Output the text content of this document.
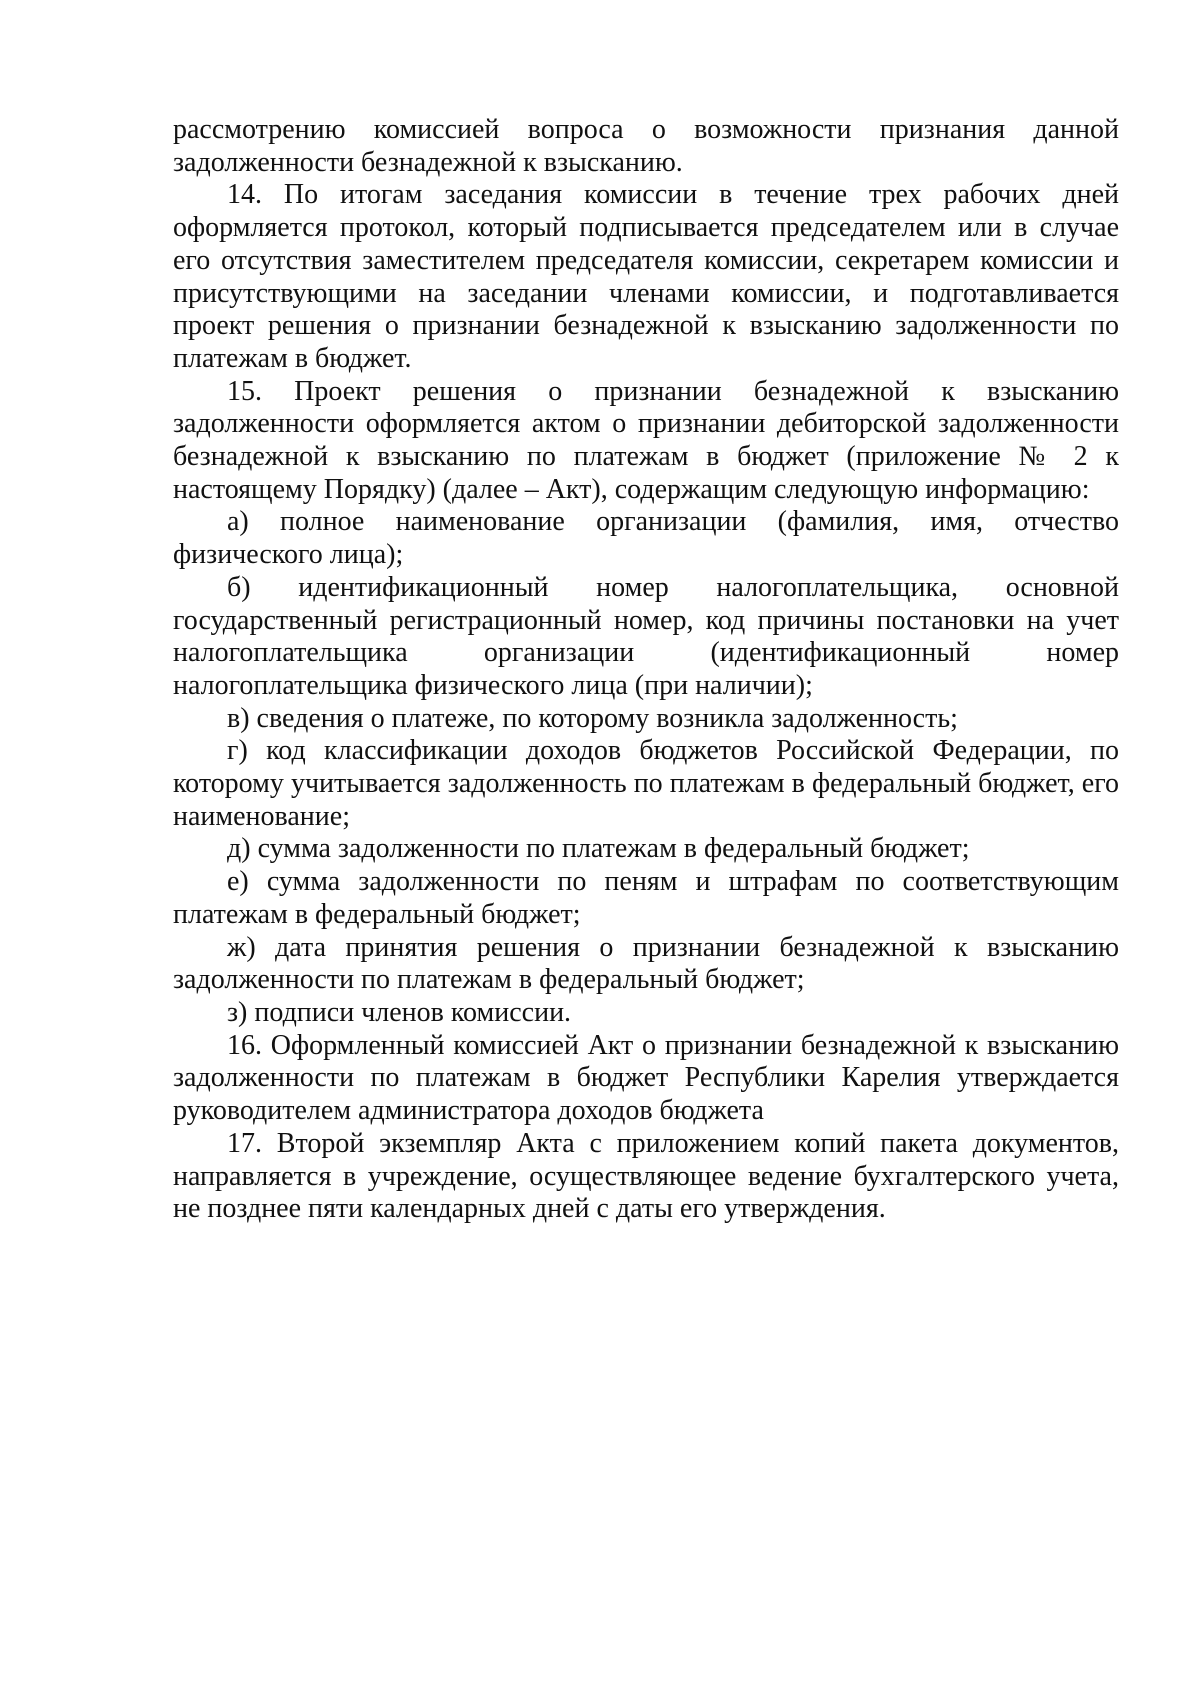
рассмотрению комиссией вопроса о возможности признания данной задолженности безнадежной к взысканию.

14. По итогам заседания комиссии в течение трех рабочих дней оформляется протокол, который подписывается председателем или в случае его отсутствия заместителем председателя комиссии, секретарем комиссии и присутствующими на заседании членами комиссии, и подготавливается проект решения о признании безнадежной к взысканию задолженности по платежам в бюджет.

15. Проект решения о признании безнадежной к взысканию задолженности оформляется актом о признании дебиторской задолженности безнадежной к взысканию по платежам в бюджет (приложение № 2 к настоящему Порядку) (далее – Акт), содержащим следующую информацию:

а) полное наименование организации (фамилия, имя, отчество физического лица);

б) идентификационный номер налогоплательщика, основной государственный регистрационный номер, код причины постановки на учет налогоплательщика организации (идентификационный номер налогоплательщика физического лица (при наличии);

в) сведения о платеже, по которому возникла задолженность;

г) код классификации доходов бюджетов Российской Федерации, по которому учитывается задолженность по платежам в федеральный бюджет, его наименование;

д) сумма задолженности по платежам в федеральный бюджет;

е) сумма задолженности по пеням и штрафам по соответствующим платежам в федеральный бюджет;

ж) дата принятия решения о признании безнадежной к взысканию задолженности по платежам в федеральный бюджет;

з) подписи членов комиссии.

16. Оформленный комиссией Акт о признании безнадежной к взысканию задолженности по платежам в бюджет Республики Карелия утверждается руководителем администратора доходов бюджета

17. Второй экземпляр Акта с приложением копий пакета документов, направляется в учреждение, осуществляющее ведение бухгалтерского учета, не позднее пяти календарных дней с даты его утверждения.
